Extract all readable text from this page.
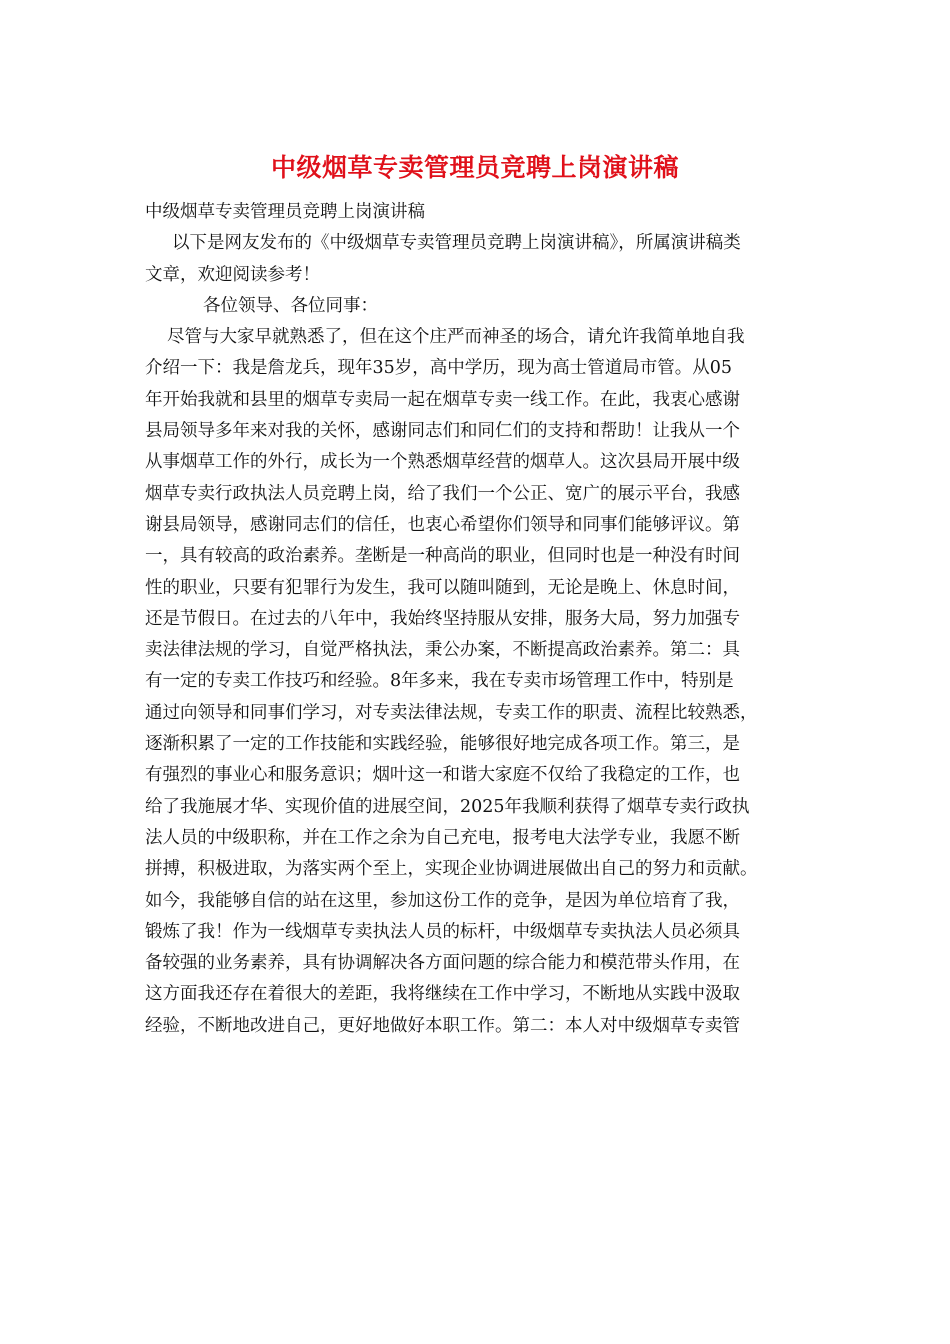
中级烟草专卖管理员竞聘上岗演讲稿
中级烟草专卖管理员竞聘上岗演讲稿
以下是网友发布的《中级烟草专卖管理员竞聘上岗演讲稿》，所属演讲稿类
文章，欢迎阅读参考！
各位领导、各位同事：
尽管与大家早就熟悉了，但在这个庄严而神圣的场合，请允许我简单地自我
介绍一下：我是詹龙兵，现年35岁，高中学历，现为高士管道局市管。从05
年开始我就和县里的烟草专卖局一起在烟草专卖一线工作。在此，我衷心感谢
县局领导多年来对我的关怀，感谢同志们和同仁们的支持和帮助！让我从一个
从事烟草工作的外行，成长为一个熟悉烟草经营的烟草人。这次县局开展中级
烟草专卖行政执法人员竞聘上岗，给了我们一个公正、宽广的展示平台，我感
谢县局领导，感谢同志们的信任，也衷心希望你们领导和同事们能够评议。第
一，具有较高的政治素养。垄断是一种高尚的职业，但同时也是一种没有时间
性的职业，只要有犯罪行为发生，我可以随叫随到，无论是晚上、休息时间，
还是节假日。在过去的八年中，我始终坚持服从安排，服务大局，努力加强专
卖法律法规的学习，自觉严格执法，秉公办案，不断提高政治素养。第二：具
有一定的专卖工作技巧和经验。8年多来，我在专卖市场管理工作中，特别是
通过向领导和同事们学习，对专卖法律法规，专卖工作的职责、流程比较熟悉，
逐渐积累了一定的工作技能和实践经验，能够很好地完成各项工作。第三，是
有强烈的事业心和服务意识；烟叶这一和谐大家庭不仅给了我稳定的工作，也
给了我施展才华、实现价值的进展空间，2025年我顺利获得了烟草专卖行政执
法人员的中级职称，并在工作之余为自己充电，报考电大法学专业，我愿不断
拼搏，积极进取，为落实两个至上，实现企业协调进展做出自己的努力和贡献。
如今，我能够自信的站在这里，参加这份工作的竞争，是因为单位培育了我，
锻炼了我！作为一线烟草专卖执法人员的标杆，中级烟草专卖执法人员必须具
备较强的业务素养，具有协调解决各方面问题的综合能力和模范带头作用，在
这方面我还存在着很大的差距，我将继续在工作中学习，不断地从实践中汲取
经验，不断地改进自己，更好地做好本职工作。第二：本人对中级烟草专卖管
